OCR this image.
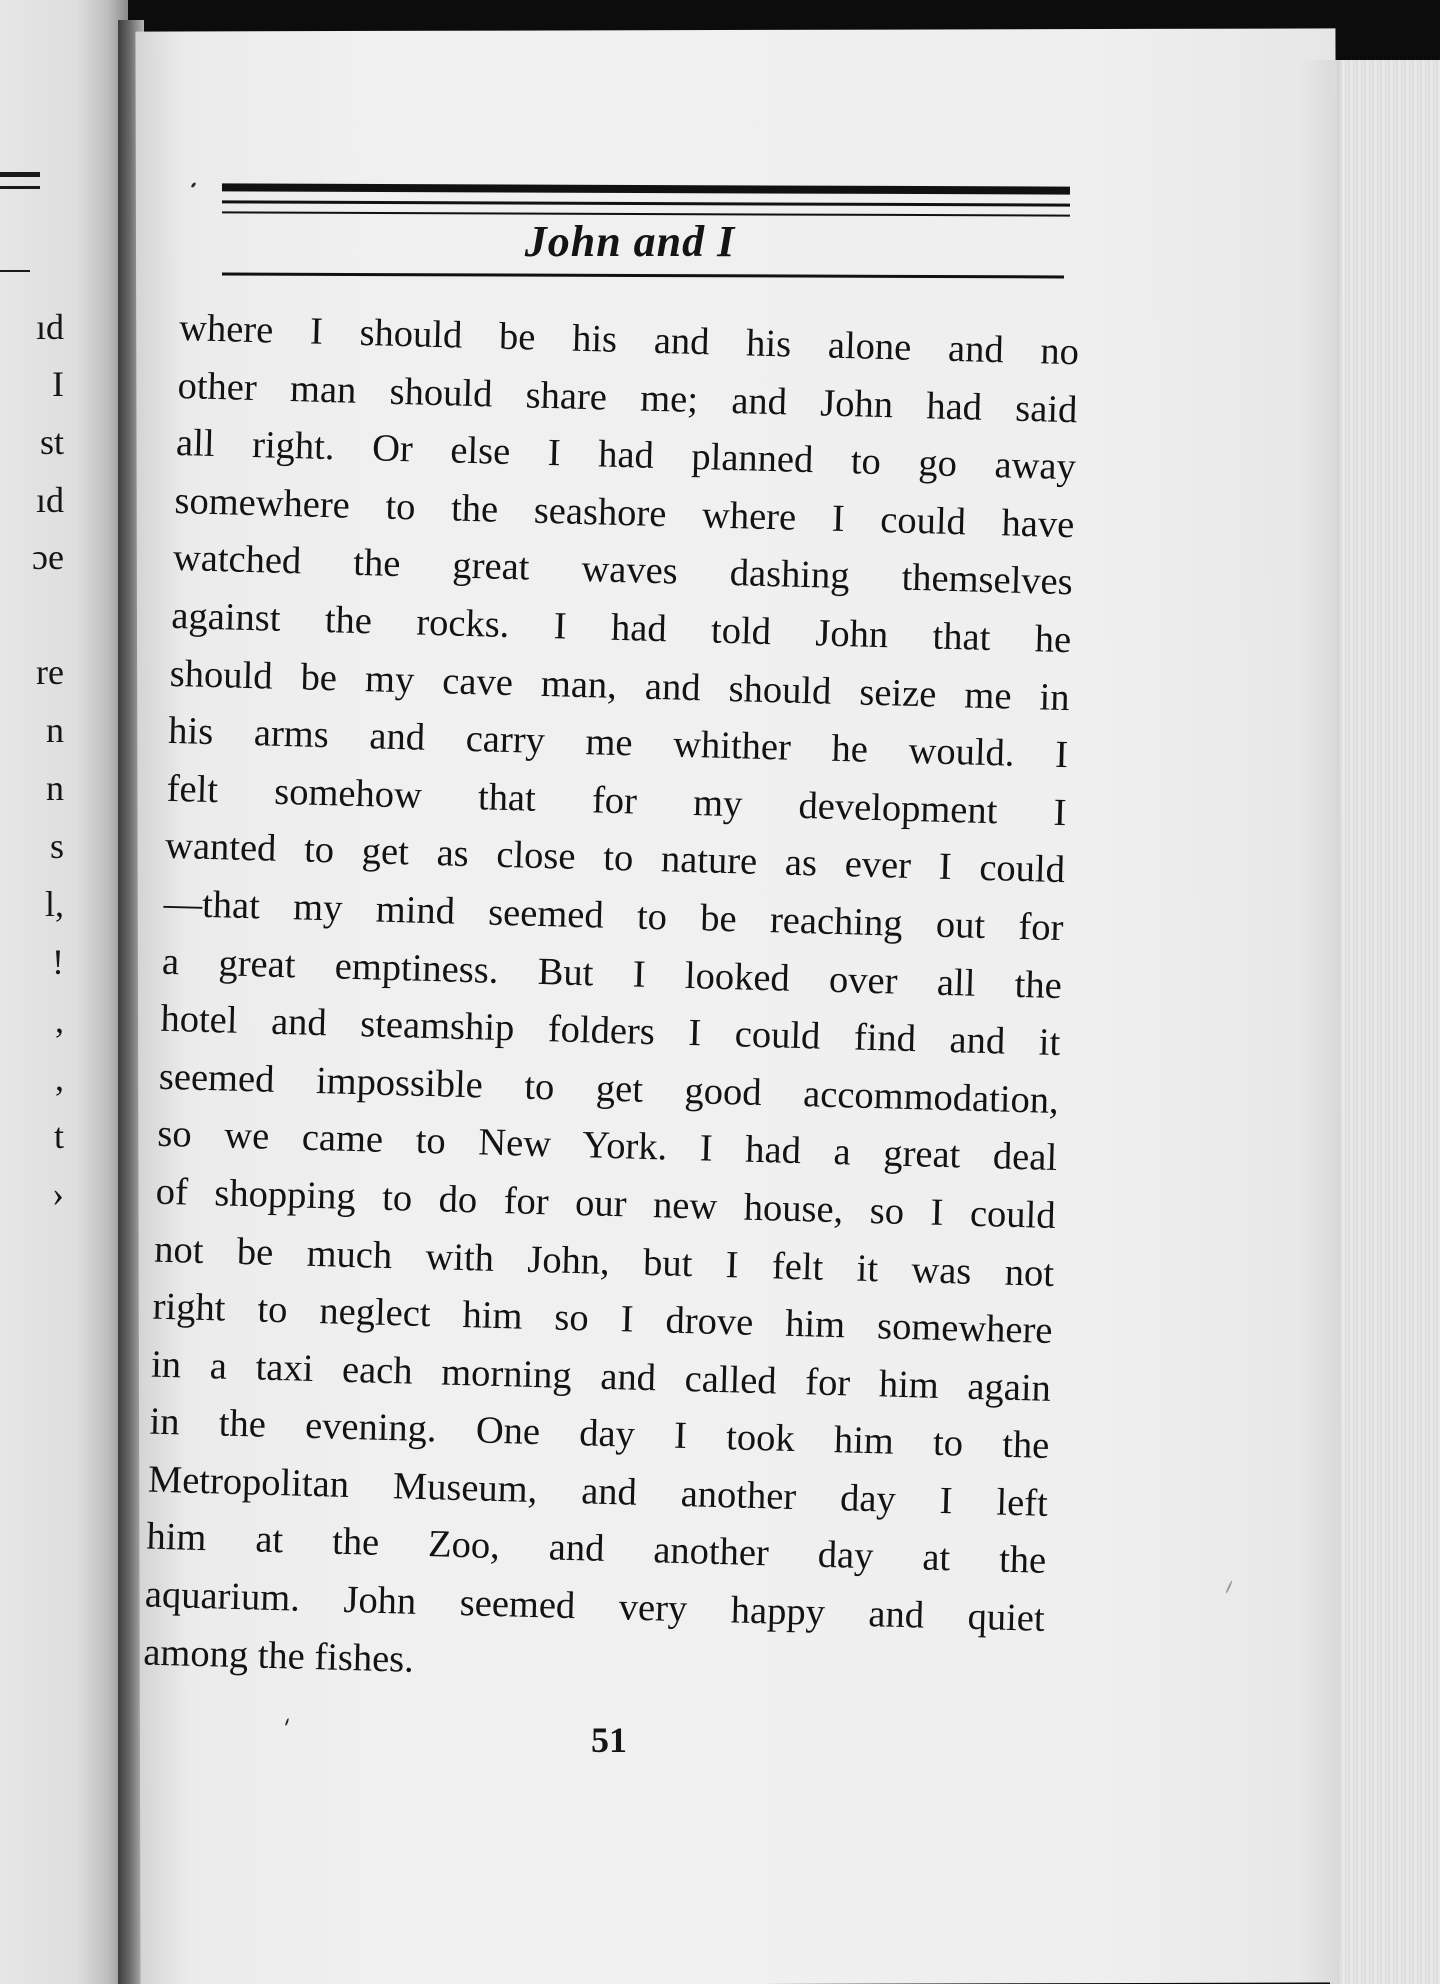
ıd
I
st
ıd
ɔe
re
n
n
s
l,
!
,
,
t
›
John and I
where I should be his and his alone and no
other man should share me; and John had said
all right. Or else I had planned to go away
somewhere to the seashore where I could have
watched the great waves dashing themselves
against the rocks. I had told John that he
should be my cave man, and should seize me in
his arms and carry me whither he would. I
felt somehow that for my development I
wanted to get as close to nature as ever I could
—that my mind seemed to be reaching out for
a great emptiness. But I looked over all the
hotel and steamship folders I could find and it
seemed impossible to get good accommodation,
so we came to New York. I had a great deal
of shopping to do for our new house, so I could
not be much with John, but I felt it was not
right to neglect him so I drove him somewhere
in a taxi each morning and called for him again
in the evening. One day I took him to the
Metropolitan Museum, and another day I left
him at the Zoo, and another day at the
aquarium. John seemed very happy and quiet
among the fishes.
51
